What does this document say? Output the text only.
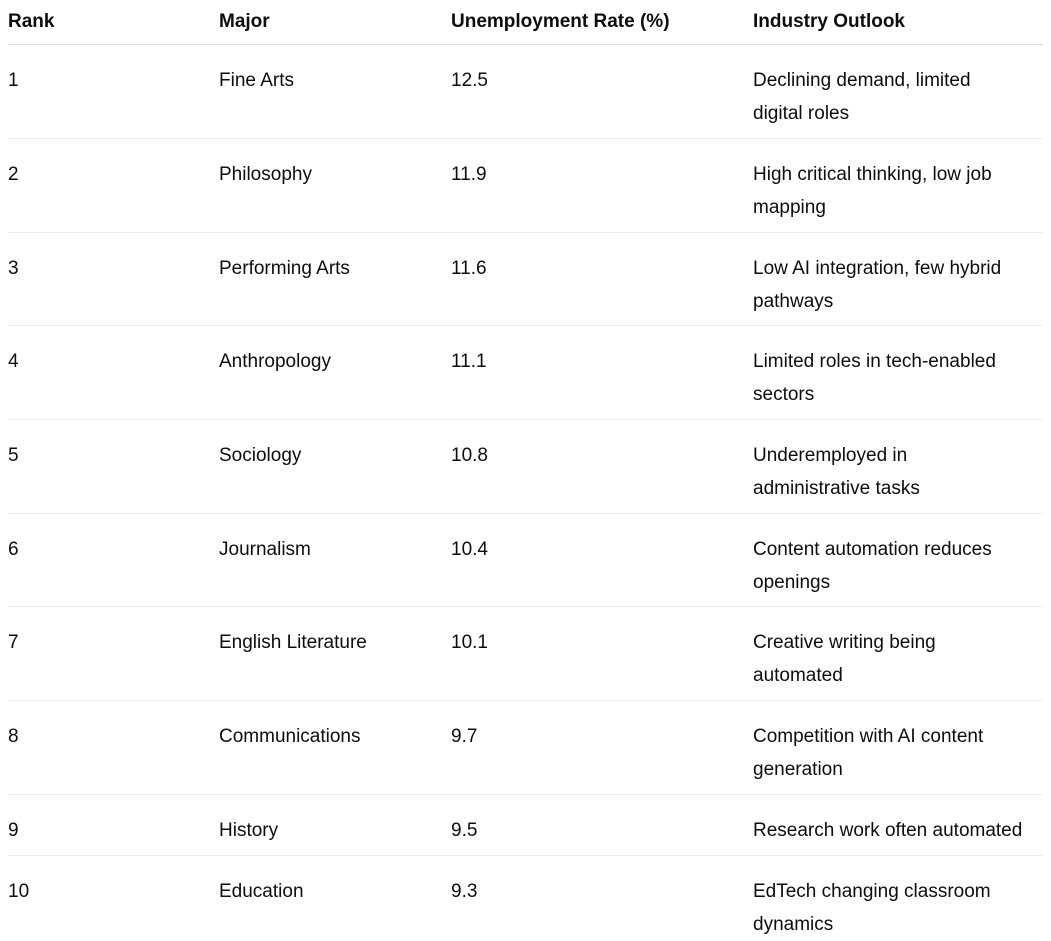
Rank	Major	Unemployment Rate (%)	Industry Outlook
1	Fine Arts	12.5	Declining demand, limited
digital roles
2	Philosophy	11.9	High critical thinking, low job
mapping
3	Performing Arts	11.6	Low AI integration, few hybrid
pathways
4	Anthropology	11.1	Limited roles in tech-enabled
sectors
5	Sociology	10.8	Underemployed in
administrative tasks
6	Journalism	10.4	Content automation reduces
openings
7	English Literature	10.1	Creative writing being
automated
8	Communications	9.7	Competition with AI content
generation
9	History	9.5	Research work often automated
10	Education	9.3	EdTech changing classroom
dynamics
